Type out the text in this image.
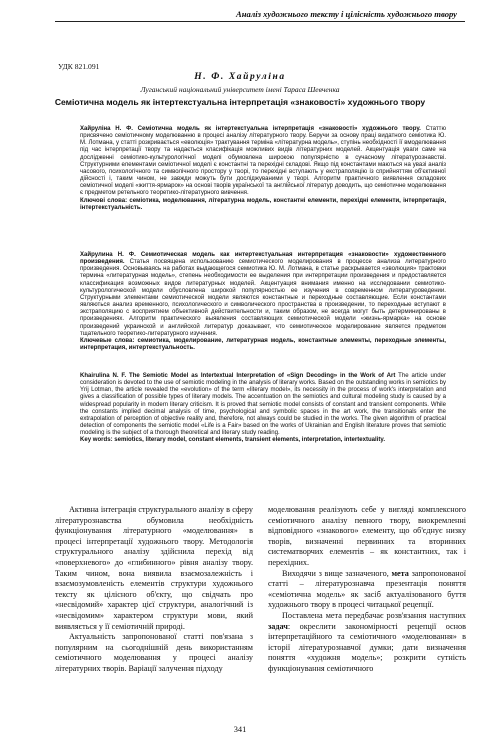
Аналіз художнього тексту і цілісність художнього твору
УДК 821.091
Н. Ф. Хайруліна
Луганський національний університет імені Тараса Шевченка
Семіотична модель як інтертекстуальна інтерпретація «знаковості» художнього твору
Хайруліна Н. Ф. Семіотична модель як інтертекстуальна інтерпретація «знаковості» художнього твору. Статтю присвячено семіотичному моделюванню в процесі аналізу літературного твору. Беручи за основу праці видатного семіотика Ю. М. Лотмана, у статті розкривається «еволюція» трактування терміна «літературна модель», ступінь необхідності її вмоделювання під час інтерпретації твору та надається класифікація можливих видів літературних моделей. Акцентуація уваги саме на дослідженні семіотико-культурологічної моделі обумовлена широкою популярністю в сучасному літературознавстві. Структурними елементами семіотичної моделі є константні та перехідні складові. Якщо під константами маються на увазі аналіз часового, психологічного та символічного простору у творі, то перехідні вступають у екстраполяцію із сприйняттям об'єктивної дійсності і, таким чином, не завжди можуть бути досліджуваними у творі. Алгоритм практичного виявлення складових семіотичної моделі «життя-ярмарок» на основі творів української та англійської літератур доводить, що семіотичне моделювання є предметом ретельного теоретико-літературного вивчення.
Ключові слова: семіотика, моделювання, літературна модель, константні елементи, перехідні елементи, інтерпретація, інтертекстуальність.
Хайрулина Н. Ф. Семиотическая модель как интертекстуальная интерпретация «знаковости» художественного произведения. Статья посвящена использованию семиотического моделирования в процессе анализа литературного произведения. Основываясь на работах выдающегося семиотика Ю. М. Лотмана, в статье раскрывается «эволюция» трактовки термина «литературная модель», степень необходимости ее выделения при интерпретации произведения и предоставляется классификация возможных видов литературных моделей. Акцентуация внимания именно на исследовании семиотико-культурологической модели обусловлена широкой популярностью ее изучения в современном литературоведении. Структурными элементами семиотической модели являются константные и переходные составляющие. Если константами являються анализ временного, психологического и символического пространства в произведении, то переходные вступают в экстраполяцию с восприятием объективной действительности и, таким образом, не всегда могут быть детерминированы в произведениях. Алгоритм практического выявления составляющих семиотической модели «жизнь-ярмарка» на основе произведений украинской и английской литератур доказывает, что семиотическое моделирование является предметом тщательного теоретико-литературного изучения.
Ключевые слова: семиотика, моделирование, литературная модель, константные элементы, переходные элементы, интерпретация, интертекстуальность.
Khairulina N. F. The Semiotic Model as Intertextual Interpretation of «Sign Decoding» in the Work of Art The article under consideration is devoted to the use of semiotic modeling in the analysis of literary works. Based on the outstanding works in semiotics by Yrij Lotman, the article revealed the «evolution» of the term «literary model», its necessity in the process of work's interpretation and gives a classification of possible types of literary models. The accentuation on the semiotics and cultural modeling study is caused by a widespread popularity in modern literary criticism. It is proved that semiotic model consists of constant and transient components. While the constants implied decimal analysis of time, psychological and symbolic spaces in the art work, the transitionals enter the extrapolation of perception of objective reality and, therefore, not always could be studied in the works. The given algorithm of practical detection of components the semiotic model «Life is a Fair» based on the works of Ukrainian and English literature proves that semiotic modeling is the subject of a thorough theoretical and literary study reading.
Key words: semiotics, literary model, constant elements, transient elements, interpretation, intertextuality.

Активна інтеграція структурального аналізу в сферу літературознавства обумовила необхідність функціонування літературного «моделювання» в процесі інтерпретації художнього твору. Методологія структурального аналізу здійснила перехід від «поверхневого» до «глибинного» рівня аналізу твору. Таким чином, вона виявила взаємозалежність і взаємозумовленість елементів структури художнього тексту як цілісного об'єкту, що свідчать про «несвідомий» характер цієї структури, аналогічний із «несвідомим» характером структури мови, який виявляється у її семіотичній природі.

Актуальність запропонованої статті пов'язана з популярним на сьогоднішній день використанням семіотичного моделювання у процесі аналізу літературних творів. Варіації залучення підходу

моделювання реалізують себе у вигляді комплексного семіотичного аналізу певного твору, виокремленні відповідного «знакового» елементу, що об'єднує низку творів, визначенні первинних та вторинних систематворчих елементів – як константних, так і перехідних.

Виходячи з вище зазначеного, мета запропонованої статті – літературознавча презентація поняття «семіотична модель» як засіб актуалізованого буття художнього твору в процесі читацької рецепції.

Поставлена мета передбачає розв'язання наступних задач: окреслити закономірності рецепції основ інтерпретаційного та семіотичного «моделювання» в історії літературознавчої думки; дати визначення поняття «художня модель»; розкрити сутність функціонування семіотичного

341
